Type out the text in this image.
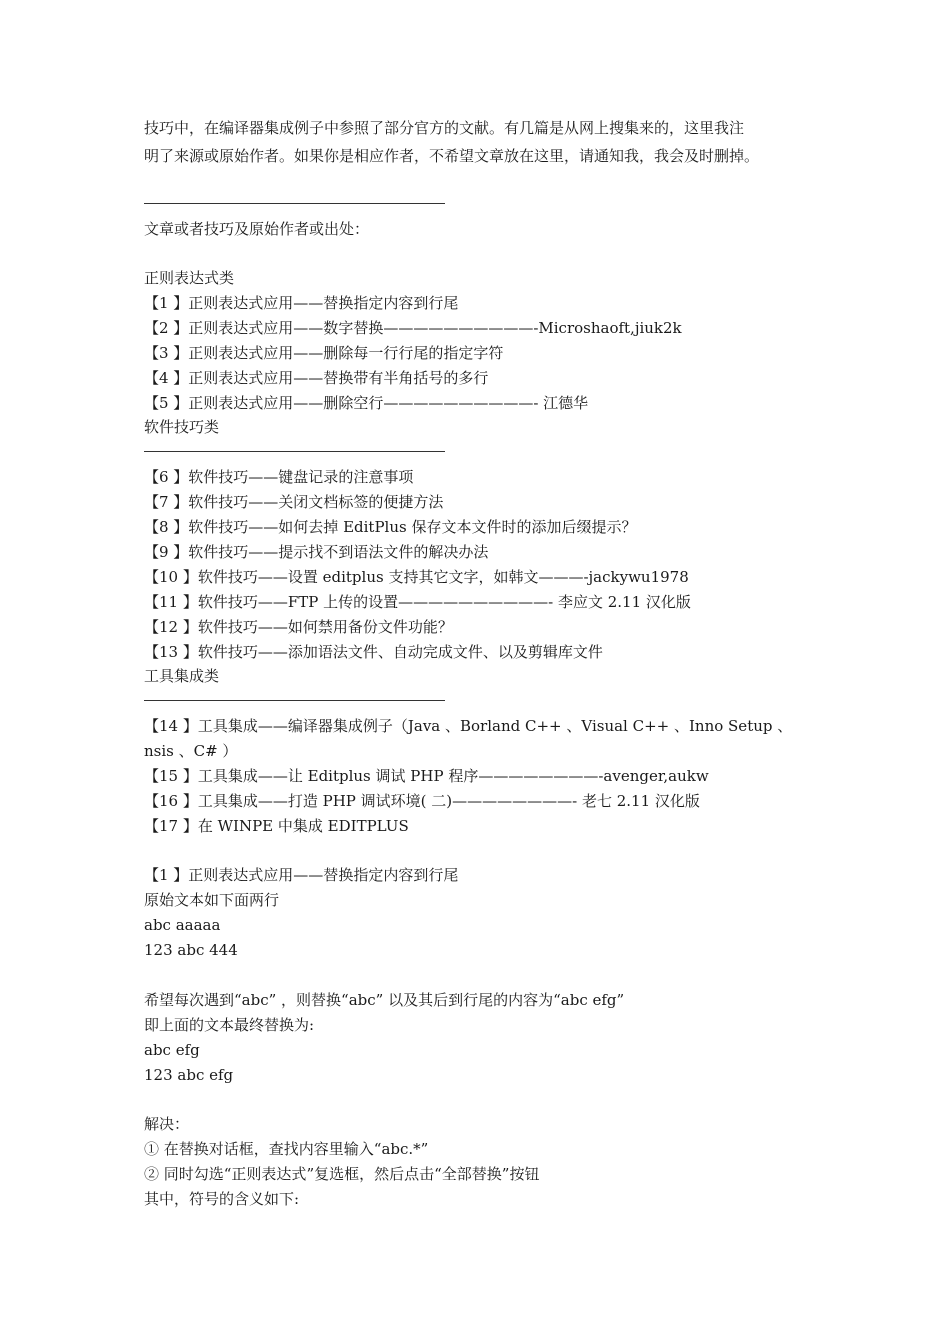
技巧中，在编译器集成例子中参照了部分官方的文献。有几篇是从网上搜集来的，这里我注
明了来源或原始作者。如果你是相应作者，不希望文章放在这里，请通知我，我会及时删掉。
文章或者技巧及原始作者或出处：
正则表达式类
【1 】正则表达式应用——替换指定内容到行尾
【2 】正则表达式应用——数字替换——————————-Microshaoft,jiuk2k
【3 】正则表达式应用——删除每一行行尾的指定字符
【4 】正则表达式应用——替换带有半角括号的多行
【5 】正则表达式应用——删除空行——————————- 江德华
软件技巧类
【6 】软件技巧——键盘记录的注意事项
【7 】软件技巧——关闭文档标签的便捷方法
【8 】软件技巧——如何去掉 EditPlus 保存文本文件时的添加后缀提示？
【9 】软件技巧——提示找不到语法文件的解决办法
【10 】软件技巧——设置 editplus 支持其它文字，如韩文———-jackywu1978
【11 】软件技巧——FTP 上传的设置——————————- 李应文 2.11 汉化版
【12 】软件技巧——如何禁用备份文件功能？
【13 】软件技巧——添加语法文件、自动完成文件、以及剪辑库文件
工具集成类
【14 】工具集成——编译器集成例子（Java 、Borland C++ 、Visual C++ 、Inno Setup 、
nsis 、C# ）
【15 】工具集成——让 Editplus 调试 PHP 程序————————-avenger,aukw
【16 】工具集成——打造 PHP 调试环境( 二)————————- 老七 2.11 汉化版
【17 】在 WINPE 中集成 EDITPLUS
【1 】正则表达式应用——替换指定内容到行尾
原始文本如下面两行
abc aaaaa
123 abc 444
希望每次遇到“abc” ，则替换“abc” 以及其后到行尾的内容为“abc efg”
即上面的文本最终替换为:
abc efg
123 abc efg
解决：
① 在替换对话框，查找内容里输入“abc.*”
② 同时勾选“正则表达式”复选框，然后点击“全部替换”按钮
其中，符号的含义如下:
